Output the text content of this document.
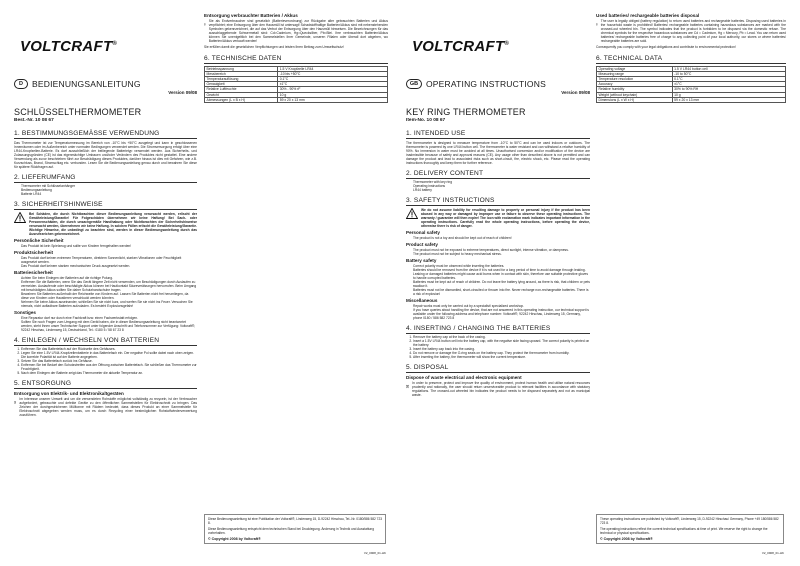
VOLTCRAFT®
D	BEDIENUNGSANLEITUNG
Version 09/08
SCHLÜSSELTHERMOMETER
Best.-Nr. 10 08 67
1. BESTIMMUNGSGEMÄSSE VERWENDUNG
Das Thermometer ist zur Temperaturmessung im Bereich von -10°C bis +50°C ausgelegt und kann in geschlossenen Innenräumen oder im Außenbereich unter normalen Bedingungen verwendet werden. Die Stromversorgung erfolgt über eine LR44-Knopfzellen-Batterie. Es darf ausschließlich der beiliegende Batterietyp verwendet werden. Aus Sicherheits- und Zulassungsgründen (CE) ist das eigenmächtige Umbauen und/oder Verändern des Produktes nicht gestattet. Eine andere Verwendung als zuvor beschrieben führt zur Beschädigung dieses Produktes, darüber hinaus ist dies mit Gefahren, wie z.B. Kurzschluss, Brand, Stromschlag etc. verbunden. Lesen Sie die Bedienungsanleitung genau durch und bewahren Sie diese für spätere Rückfragen auf.
2. LIEFERUMFANG
• Thermometer mit Schlüsselanhänger
• Bedienungsanleitung
• Batterie LR44
3. SICHERHEITSHINWEISE
Bei Schäden, die durch Nichtbeachten dieser Bedienungsanleitung verursacht werden, erlischt der Gewährleistung/Garantie! Für Folgeschäden übernehmen wir keine Haftung! Bei Sach- oder Personenschäden, die durch unsachgemäße Handhabung oder Nichtbeachten der Sicherheitshinweise verursacht werden, übernehmen wir keine Haftung. In solchen Fällen erlischt die Gewährleistung/Garantie. Wichtige Hinweise, die unbedingt zu beachten sind, werden in dieser Bedienungsanleitung durch das Ausrufezeichen gekennzeichnet.
Persönliche Sicherheit
• Das Produkt ist kein Spielzeug und sollte von Kindern ferngehalten werden!
Produktsicherheit
• Das Produkt darf keinen extremen Temperaturen, direktem Sonnenlicht, starken Vibrationen oder Feuchtigkeit ausgesetzt werden.
• Das Produkt darf keinem starken mechanischen Druck ausgesetzt werden.
Batteriesicherheit
• Achten Sie beim Einlegen der Batterien auf die richtige Polung.
• Entfernen Sie die Batterien, wenn Sie das Gerät längere Zeit nicht verwenden, um Beschädigungen durch Auslaufen zu vermeiden. Auslaufende oder beschädigte Akkus können bei Hautkontakt Säureverätzungen hervorrufen. Beim Umgang mit beschädigten Akkus sollten Sie daher Schutzhandschuhe tragen.
• Bewahren Sie Batterien außerhalb der Reichweite von Kindern auf. Lassen Sie Batterien nicht frei herumliegen, da diese von Kindern oder Haustieren verschluckt werden könnten.
• Nehmen Sie keine Akkus auseinander, schließen Sie sie nicht kurz, und werfen Sie sie nicht ins Feuer. Versuchen Sie niemals, nicht aufladbare Batterien aufzuladen. Es besteht Explosionsgefahr!
Sonstiges
• Eine Reparatur darf nur durch eine Fachkraft bzw. einen Fachwerkstatt erfolgen.
• Sollten Sie noch Fragen zum Umgang mit dem Gerät haben, die in dieser Bedienungsanleitung nicht beantwortet werden, steht Ihnen unser Technischer Support unter folgender Anschrift und Telefonnummer zur Verfügung: Voltcraft®, 92242 Hirschau, Lindenweg 15, Deutschland, Tel.: 0180 5 / 58 67 23 8
4. EINLEGEN / WECHSELN VON BATTERIEN
1. Entfernen Sie das Batteriefach auf der Rückseite des Gehäuses.
2. Legen Sie eine 1.5V LR44-Knopfzellenbatterie in das Batteriefach ein. Der negative Pol sollte dabei nach oben zeigen. Die korrekte Polarität ist auf der Batterie angegeben.
3. Setzen Sie das Batteriefach zurück ins Gehäuse.
4. Entfernen Sie bei Bedarf den Schutzstreifen aus der Öffnung zwischen Batteriefach. Sie schließen das Thermometer zur Feuchtigkeit.
5. Nach dem Einlegen der Batterie zeigt das Thermometer die aktuelle Temperatur an.
5. ENTSORGUNG
Entsorgung von Elektrik- und Elektronikaltgeräten
Im Interesse unserer Umwelt und um die verwendeten Rohstoffe möglichst vollständig zu recyceln, ist der Verbraucher aufgefordert, gebrauchte und defekte Geräte zu den öffentlichen Sammelstellen für Elektroschrott zu bringen. Das Zeichen der durchgestrichenen Mülltonne mit Rädern bedeutet, dass dieses Produkt an einer Sammelstelle für Elektroschrott abgegeben werden muss, um es durch Recycling einer bestmöglichen Rohstoffwiederverwertung zuzuführen.
Entsorgung verbrauchter Batterien / Akkus
Sie als Endverbraucher sind gesetzlich (Batterieverordnung) zur Rückgabe aller gebrauchten Batterien und Akkus verpflichtet; eine Entsorgung über den Hausmüll ist untersagt! Schadstoffhaltige Batterien/Akkus sind mit nebenstehenden Symbolen gekennzeichnet, die auf das Verbot der Entsorgung über den Hausmüll hinweisen. Die Bezeichnungen für das ausschlaggebende Schwermetall sind: Cd=Cadmium, Hg=Quecksilber, Pb=Blei. Ihre verbrauchten Batterien/Akkus können Sie unentgeltlich bei den Sammelstellen Ihrer Gemeinde, unseren Filialen oder überall dort abgeben, wo Batterien/Akkus verkauft werden!
Sie erfüllen damit die gesetzlichen Verpflichtungen und leisten Ihren Beitrag zum Umweltschutz!
6. TECHNISCHE DATEN
Betriebsspannung	1.5 V Knopfzelle LR44
Messbereich	-10 bis +50°C
Temperaturauflösung	0.1°C
Genauigkeit	±1°C
Relative Luftfeuchte	30% - 90% rF
Gewicht	10 g
Abmessungen (L x B x H)	59 x 20 x 13 mm
Diese Bedienungsanleitung ist eine Publikation der Voltcraft®, Lindenweg 15, D-92242 Hirschau, Tel.-Nr. 0180/586 582 723 8.
Diese Bedienungsanleitung entspricht dem technischen Stand bei Drucklegung. Änderung in Technik und Ausstattung vorbehalten.
© Copyright 2008 by Voltcraft®
V2_0908_01-HK
VOLTCRAFT®
GB OPERATING INSTRUCTIONS
Version 09/08
KEY RING THERMOMETER
Item-No. 10 08 67
1. INTENDED USE
The thermometer is designed to measure temperature from -10°C to 50°C and can be used indoors or outdoors. The thermometer is powered by one LR44 button cell. The thermometer is water resistant and can withstand a relative humidity of 90%. No immersion in water must be avoided at all times. Unauthorised conversion and/or modification of the device are inadmissible because of safety and approval reasons (CE). Any usage other than described above is not permitted and can damage the product and lead to associated risks such as short-circuit, fire, electric shock, etc. Please read the operating instructions thoroughly and keep them for further reference.
2. DELIVERY CONTENT
• Thermometer with key ring
• Operating instructions
• LR44 battery
3. SAFETY INSTRUCTIONS
We do not assume liability for resulting damage to property or personal injury if the product has been abused in any way or damaged by improper use or failure to observe these operating instructions. The warranty / guarantee will then expire! The icon with exclamation mark indicates important information in the operating instructions. Carefully read the whole operating instructions, before operating the device, otherwise there is risk of danger.
Personal safety
• The product is not a toy and should be kept out of reach of children!
Product safety
• The product must not be exposed to extreme temperatures, direct sunlight, intense vibration, or dampness.
• The product must not be subject to heavy mechanical stress.
Battery safety
• Correct polarity must be observed while inserting the batteries.
• Batteries should be removed from the device if it is not used for a long period of time to avoid damage through leaking. Leaking or damaged batteries might cause acid burns when in contact with skin, therefore use suitable protective gloves to handle corrupted batteries.
• Batteries must be kept out of reach of children. Do not leave the battery lying around, as there is risk, that children or pets swallow it.
• Batteries must not be dismantled, short-circuited or thrown into fire. Never recharge non-rechargeable batteries. There is a risk of explosion!
Miscellaneous
• Repair works must only be carried out by a specialist/ specialized workshop.
• If you have queries about handling the device, that are not answered in this operating instruction, our technical support is available under the following address and telephone number: Voltcraft®, 92242 Hirschau, Lindenweg 15, Germany, phone 0180 / 586 582 723 8
4. INSERTING / CHANGING THE BATTERIES
1. Remove the battery cap at the back of the casing.
2. Insert a 1.5V LR44 button cell into the battery cap, with the negative side facing upward. The correct polarity is printed on the battery.
3. Insert the battery cap back into the casing.
4. Do not remove or damage the O-ring seals on the battery cap. They protect the thermometer from humidity.
5. After inserting the battery, the thermometer will show the current temperature.
5. DISPOSAL
Dispose of waste electrical and electronic equipment
In order to preserve, protect and improve the quality of environment, protect human health and utilise natural resources prudently and rationally, the user should return unserviceable product to relevant facilities in accordance with statutory regulations. The crossed-out wheeled bin indicates the product needs to be disposed separately and not as municipal waste.
Used batteries/ rechargeable batteries disposal
The user is legally obliged (battery regulation) to return used batteries and rechargeable batteries. Disposing used batteries in the household waste is prohibited! Batteries/ rechargeable batteries containing hazardous substances are marked with the crossed-out wheeled bin. The symbol indicates that the product is forbidden to be disposed via the domestic refuse. The chemical symbols for the respective hazardous substances are Cd = Cadmium, Hg = Mercury, Pb = Lead. You can return used batteries/ rechargeable batteries free of charge to any collecting point of your local authority, our stores or where batteries/ rechargeable batteries are sold.
Consequently you comply with your legal obligations and contribute to environmental protection!
6. TECHNICAL DATA
Operating voltage	1.5 V LR44 button cell
Measuring range	-10 to 50°C
Temperature resolution	0.1°C
Accuracy	±1°C
Relative humidity	30% to 90% RH
Weight (without keychain)	10 g
Dimensions (L x W x H)	59 x 20 x 13 mm
These operating instructions are published by Voltcraft®, Lindenweg 15, D-92242 Hirschau/ Germany, Phone +49 180/586 582 723 8.
The operating instructions reflect the current technical specifications at time of print. We reserve the right to change the technical or physical specifications.
© Copyright 2008 by Voltcraft®
V2_0908_01-HK
